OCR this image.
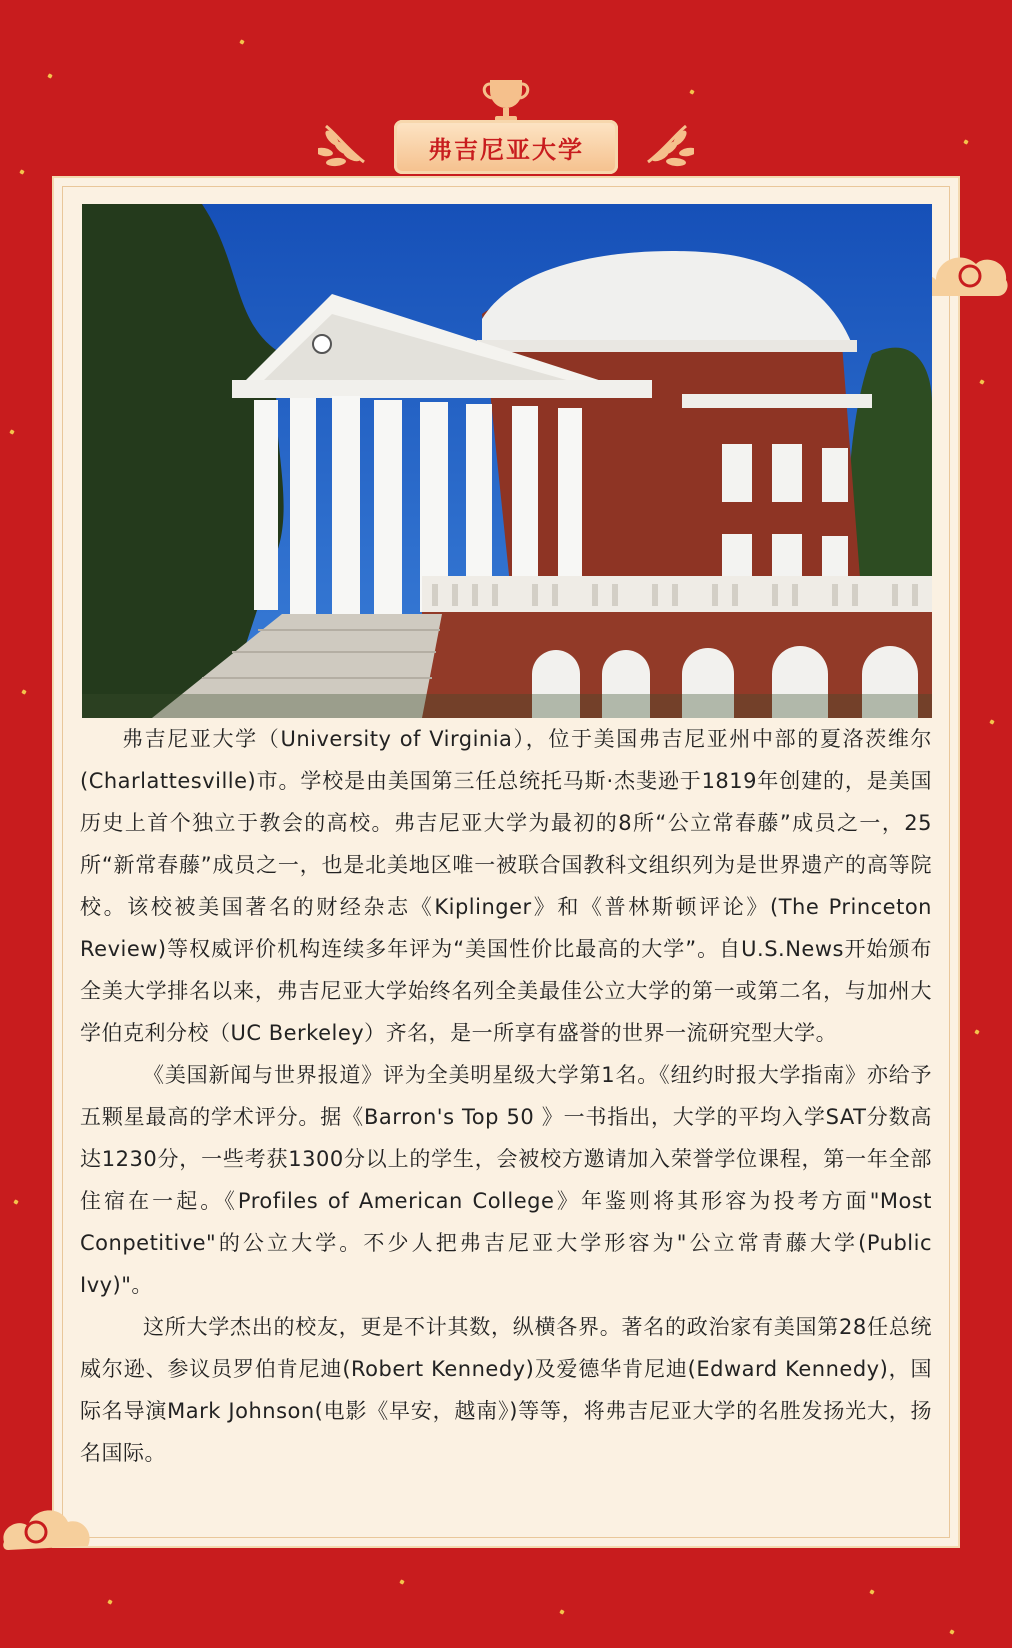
弗吉尼亚大学

弗吉尼亚大学（University of Virginia），位于美国弗吉尼亚州中部的夏洛茨维尔(Charlattesville)市。学校是由美国第三任总统托马斯·杰斐逊于1819年创建的，是美国历史上首个独立于教会的高校。弗吉尼亚大学为最初的8所“公立常春藤”成员之一，25所“新常春藤”成员之一，也是北美地区唯一被联合国教科文组织列为是世界遗产的高等院校。该校被美国著名的财经杂志《Kiplinger》和《普林斯顿评论》(The Princeton Review)等权威评价机构连续多年评为“美国性价比最高的大学”。自U.S.News开始颁布全美大学排名以来，弗吉尼亚大学始终名列全美最佳公立大学的第一或第二名，与加州大学伯克利分校（UC Berkeley）齐名，是一所享有盛誉的世界一流研究型大学。

《美国新闻与世界报道》评为全美明星级大学第1名。《纽约时报大学指南》亦给予五颗星最高的学术评分。据《Barron's Top 50 》一书指出，大学的平均入学SAT分数高达1230分，一些考获1300分以上的学生，会被校方邀请加入荣誉学位课程，第一年全部住宿在一起。《Profiles of American College》年鉴则将其形容为投考方面"Most Conpetitive"的公立大学。不少人把弗吉尼亚大学形容为"公立常青藤大学(Public Ivy)"。

这所大学杰出的校友，更是不计其数，纵横各界。著名的政治家有美国第28任总统威尔逊、参议员罗伯肯尼迪(Robert Kennedy)及爱德华肯尼迪(Edward Kennedy)，国际名导演Mark Johnson(电影《早安，越南》)等等，将弗吉尼亚大学的名胜发扬光大，扬名国际。
